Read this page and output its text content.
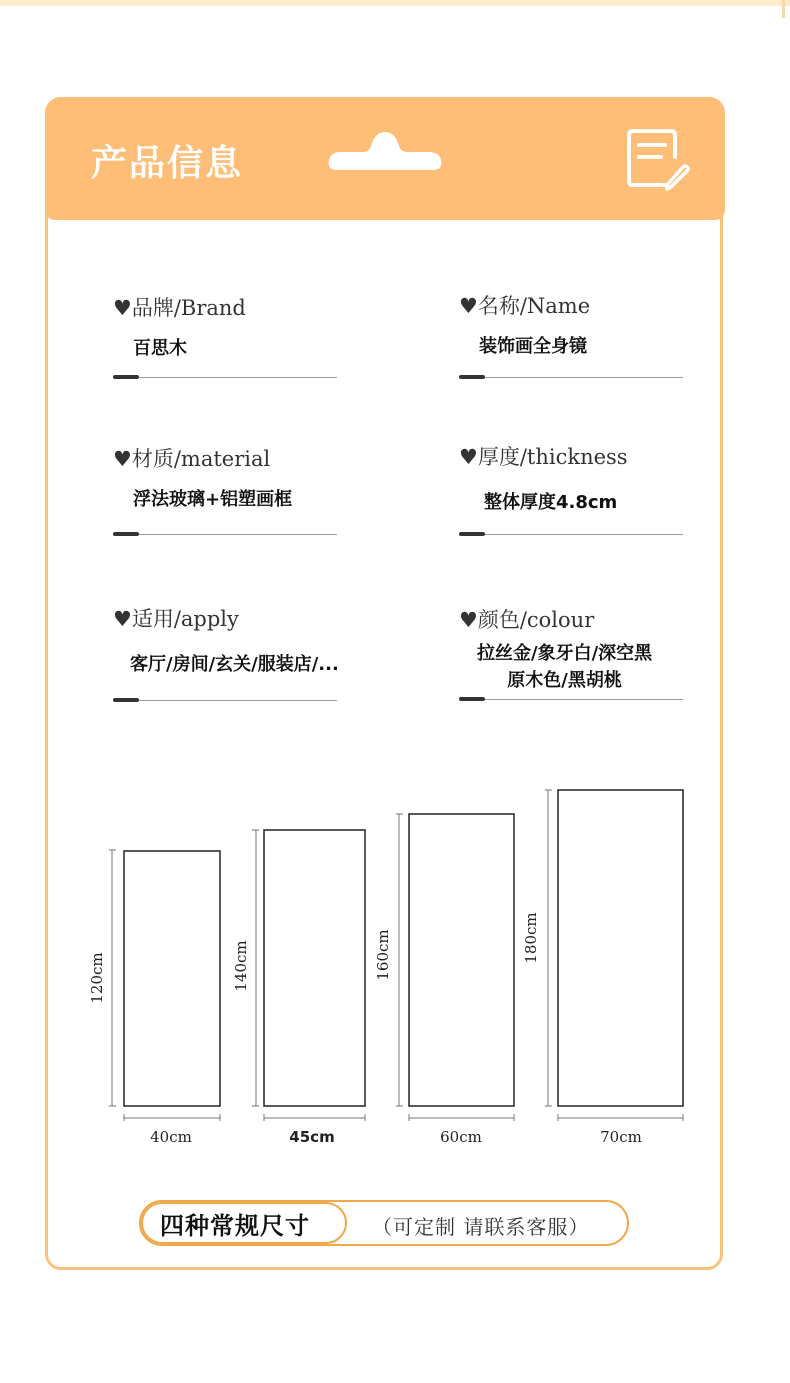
产品信息
♥品牌/Brand
百思木
♥名称/Name
装饰画全身镜
♥材质/material
浮法玻璃+铝塑画框
♥厚度/thickness
整体厚度4.8cm
♥适用/apply
客厅/房间/玄关/服装店/...
♥颜色/colour
拉丝金/象牙白/深空黑
原木色/黑胡桃
120cm
40cm
140cm
45cm
160cm
60cm
180cm
70cm
四种常规尺寸	（可定制 请联系客服）
